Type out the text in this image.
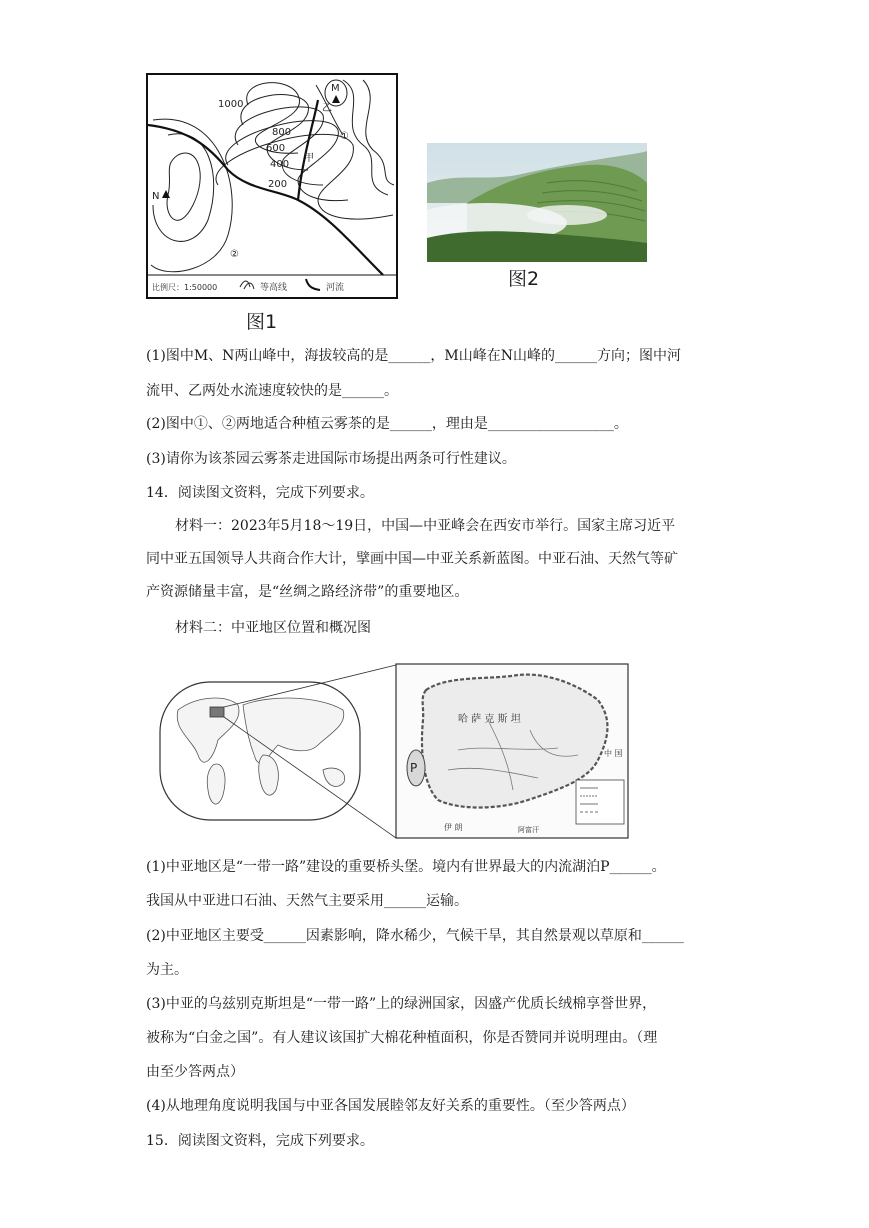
1000
800
600
400
200
M
N
甲
乙
①
②
比例尺：1:50000	等高线	河流
图1
图2
(1)图中M、N两山峰中，海拔较高的是______，M山峰在N山峰的______方向；图中河
流甲、乙两处水流速度较快的是______。
(2)图中①、②两地适合种植云雾茶的是______，理由是__________________。
(3)请你为该茶园云雾茶走进国际市场提出两条可行性建议。
14．阅读图文资料，完成下列要求。
材料一：2023年5月18～19日，中国—中亚峰会在西安市举行。国家主席习近平
同中亚五国领导人共商合作大计，擘画中国—中亚关系新蓝图。中亚石油、天然气等矿
产资源储量丰富，是“丝绸之路经济带”的重要地区。
材料二：中亚地区位置和概况图
P
哈 萨 克 斯 坦
中 国
伊 朗	阿富汗
(1)中亚地区是“一带一路”建设的重要桥头堡。境内有世界最大的内流湖泊P______。
我国从中亚进口石油、天然气主要采用______运输。
(2)中亚地区主要受______因素影响，降水稀少，气候干旱，其自然景观以草原和______
为主。
(3)中亚的乌兹别克斯坦是“一带一路”上的绿洲国家，因盛产优质长绒棉享誉世界，
被称为“白金之国”。有人建议该国扩大棉花种植面积，你是否赞同并说明理由。（理
由至少答两点）
(4)从地理角度说明我国与中亚各国发展睦邻友好关系的重要性。（至少答两点）
15．阅读图文资料，完成下列要求。
